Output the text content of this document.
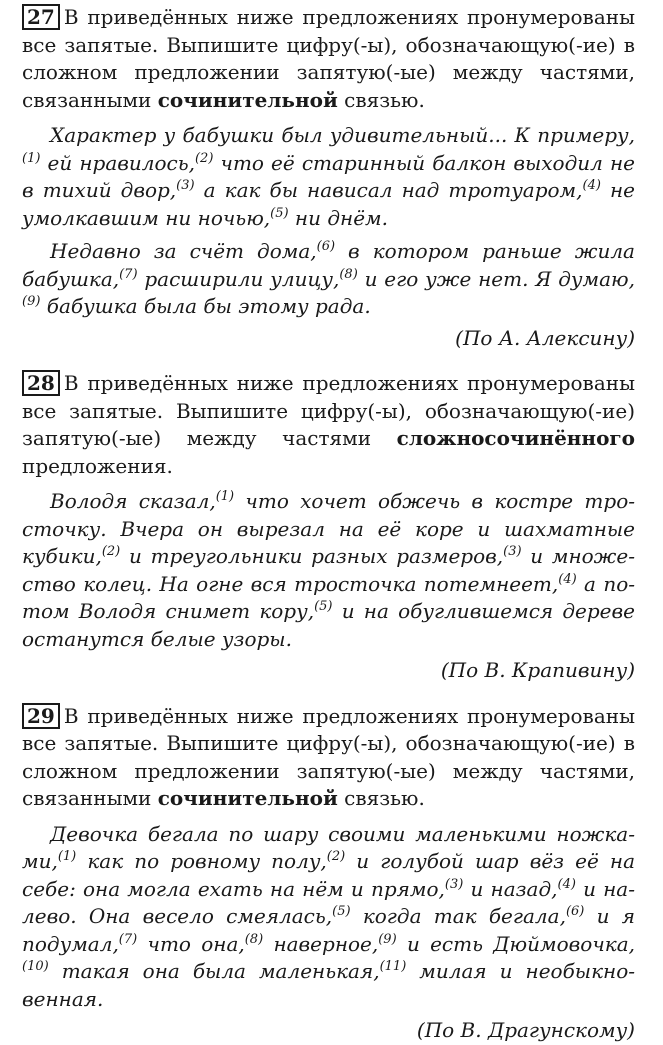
27 В приведённых ниже предложениях пронумерованы все запятые. Выпишите цифру(-ы), обозначающую(-ие) в сложном предложении запятую(-ые) между частями, связанными сочинительной связью.

Характер у бабушки был удивительный... К примеру,$^{(1)}$ ей нравилось,$^{(2)}$ что её старинный балкон выходил не в тихий двор,$^{(3)}$ а как бы нависал над тротуаром,$^{(4)}$ не умолкавшим ни ночью,$^{(5)}$ ни днём.

Недавно за счёт дома,$^{(6)}$ в котором раньше жила бабушка,$^{(7)}$ расширили улицу,$^{(8)}$ и его уже нет. Я думаю,$^{(9)}$ бабушка была бы этому рада.

(По А. Алексину)

28 В приведённых ниже предложениях пронумерованы все запятые. Выпишите цифру(-ы), обозначающую(-ие) запятую(-ые) между частями сложносочинённого предложения.

Володя сказал,$^{(1)}$ что хочет обжечь в костре тросточку. Вчера он вырезал на её коре и шахматные кубики,$^{(2)}$ и треугольники разных размеров,$^{(3)}$ и множество колец. На огне вся тросточка потемнеет,$^{(4)}$ а потом Володя снимет кору,$^{(5)}$ и на обуглившемся дереве останутся белые узоры.

(По В. Крапивину)

29 В приведённых ниже предложениях пронумерованы все запятые. Выпишите цифру(-ы), обозначающую(-ие) в сложном предложении запятую(-ые) между частями, связанными сочинительной связью.

Девочка бегала по шару своими маленькими ножками,$^{(1)}$ как по ровному полу,$^{(2)}$ и голубой шар вёз её на себе: она могла ехать на нём и прямо,$^{(3)}$ и назад,$^{(4)}$ и налево. Она весело смеялась,$^{(5)}$ когда так бегала,$^{(6)}$ и я подумал,$^{(7)}$ что она,$^{(8)}$ наверное,$^{(9)}$ и есть Дюймовочка,$^{(10)}$ такая она была маленькая,$^{(11)}$ милая и необыкновенная.

(По В. Драгунскому)
